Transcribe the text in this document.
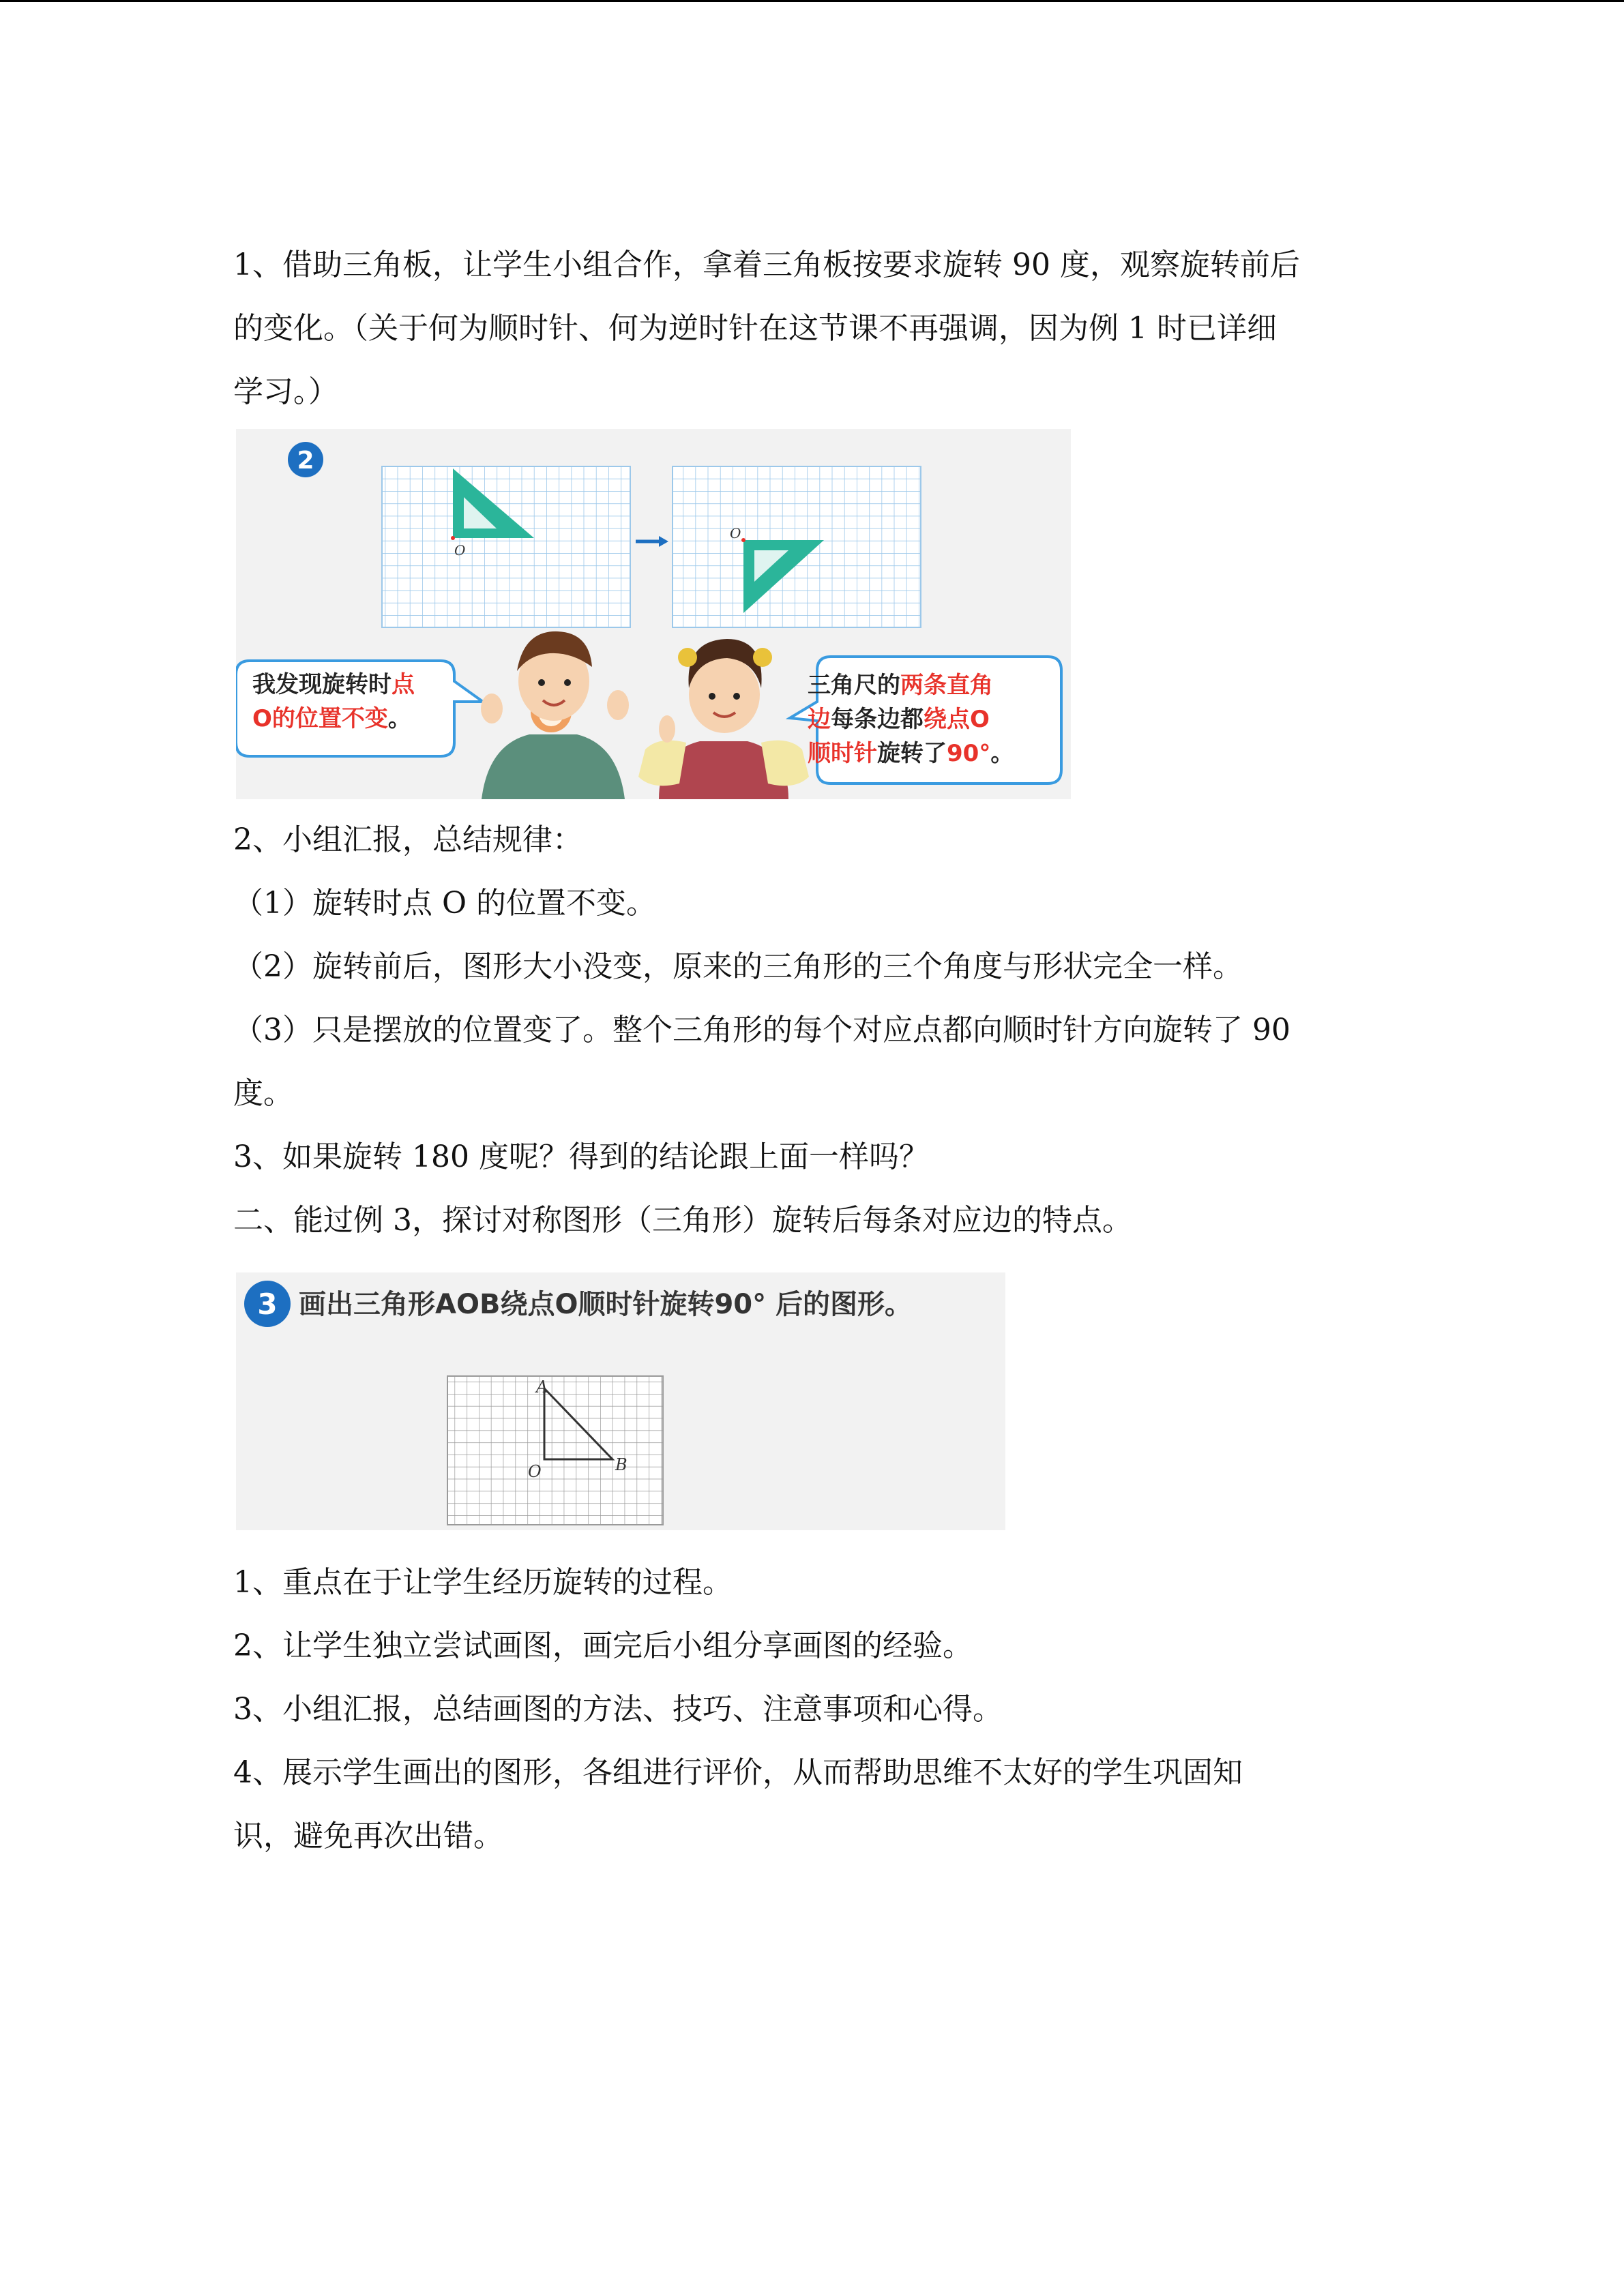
1、借助三角板，让学生小组合作，拿着三角板按要求旋转 90 度，观察旋转前后

的变化。（关于何为顺时针、何为逆时针在这节课不再强调，因为例 1 时已详细

学习。）

2
O
O
我发现旋转时点
O的位置不变。
三角尺的两条直角
边每条边都绕点O
顺时针旋转了90°。

2、小组汇报，总结规律：

（1）旋转时点 O 的位置不变。

（2）旋转前后，图形大小没变，原来的三角形的三个角度与形状完全一样。

（3）只是摆放的位置变了。整个三角形的每个对应点都向顺时针方向旋转了 90

度。

3、如果旋转 180 度呢？得到的结论跟上面一样吗？

二、能过例 3，探讨对称图形（三角形）旋转后每条对应边的特点。

3 画出三角形AOB绕点O顺时针旋转90° 后的图形。
A
O	B

1、重点在于让学生经历旋转的过程。

2、让学生独立尝试画图，画完后小组分享画图的经验。

3、小组汇报，总结画图的方法、技巧、注意事项和心得。

4、展示学生画出的图形，各组进行评价，从而帮助思维不太好的学生巩固知

识，避免再次出错。
